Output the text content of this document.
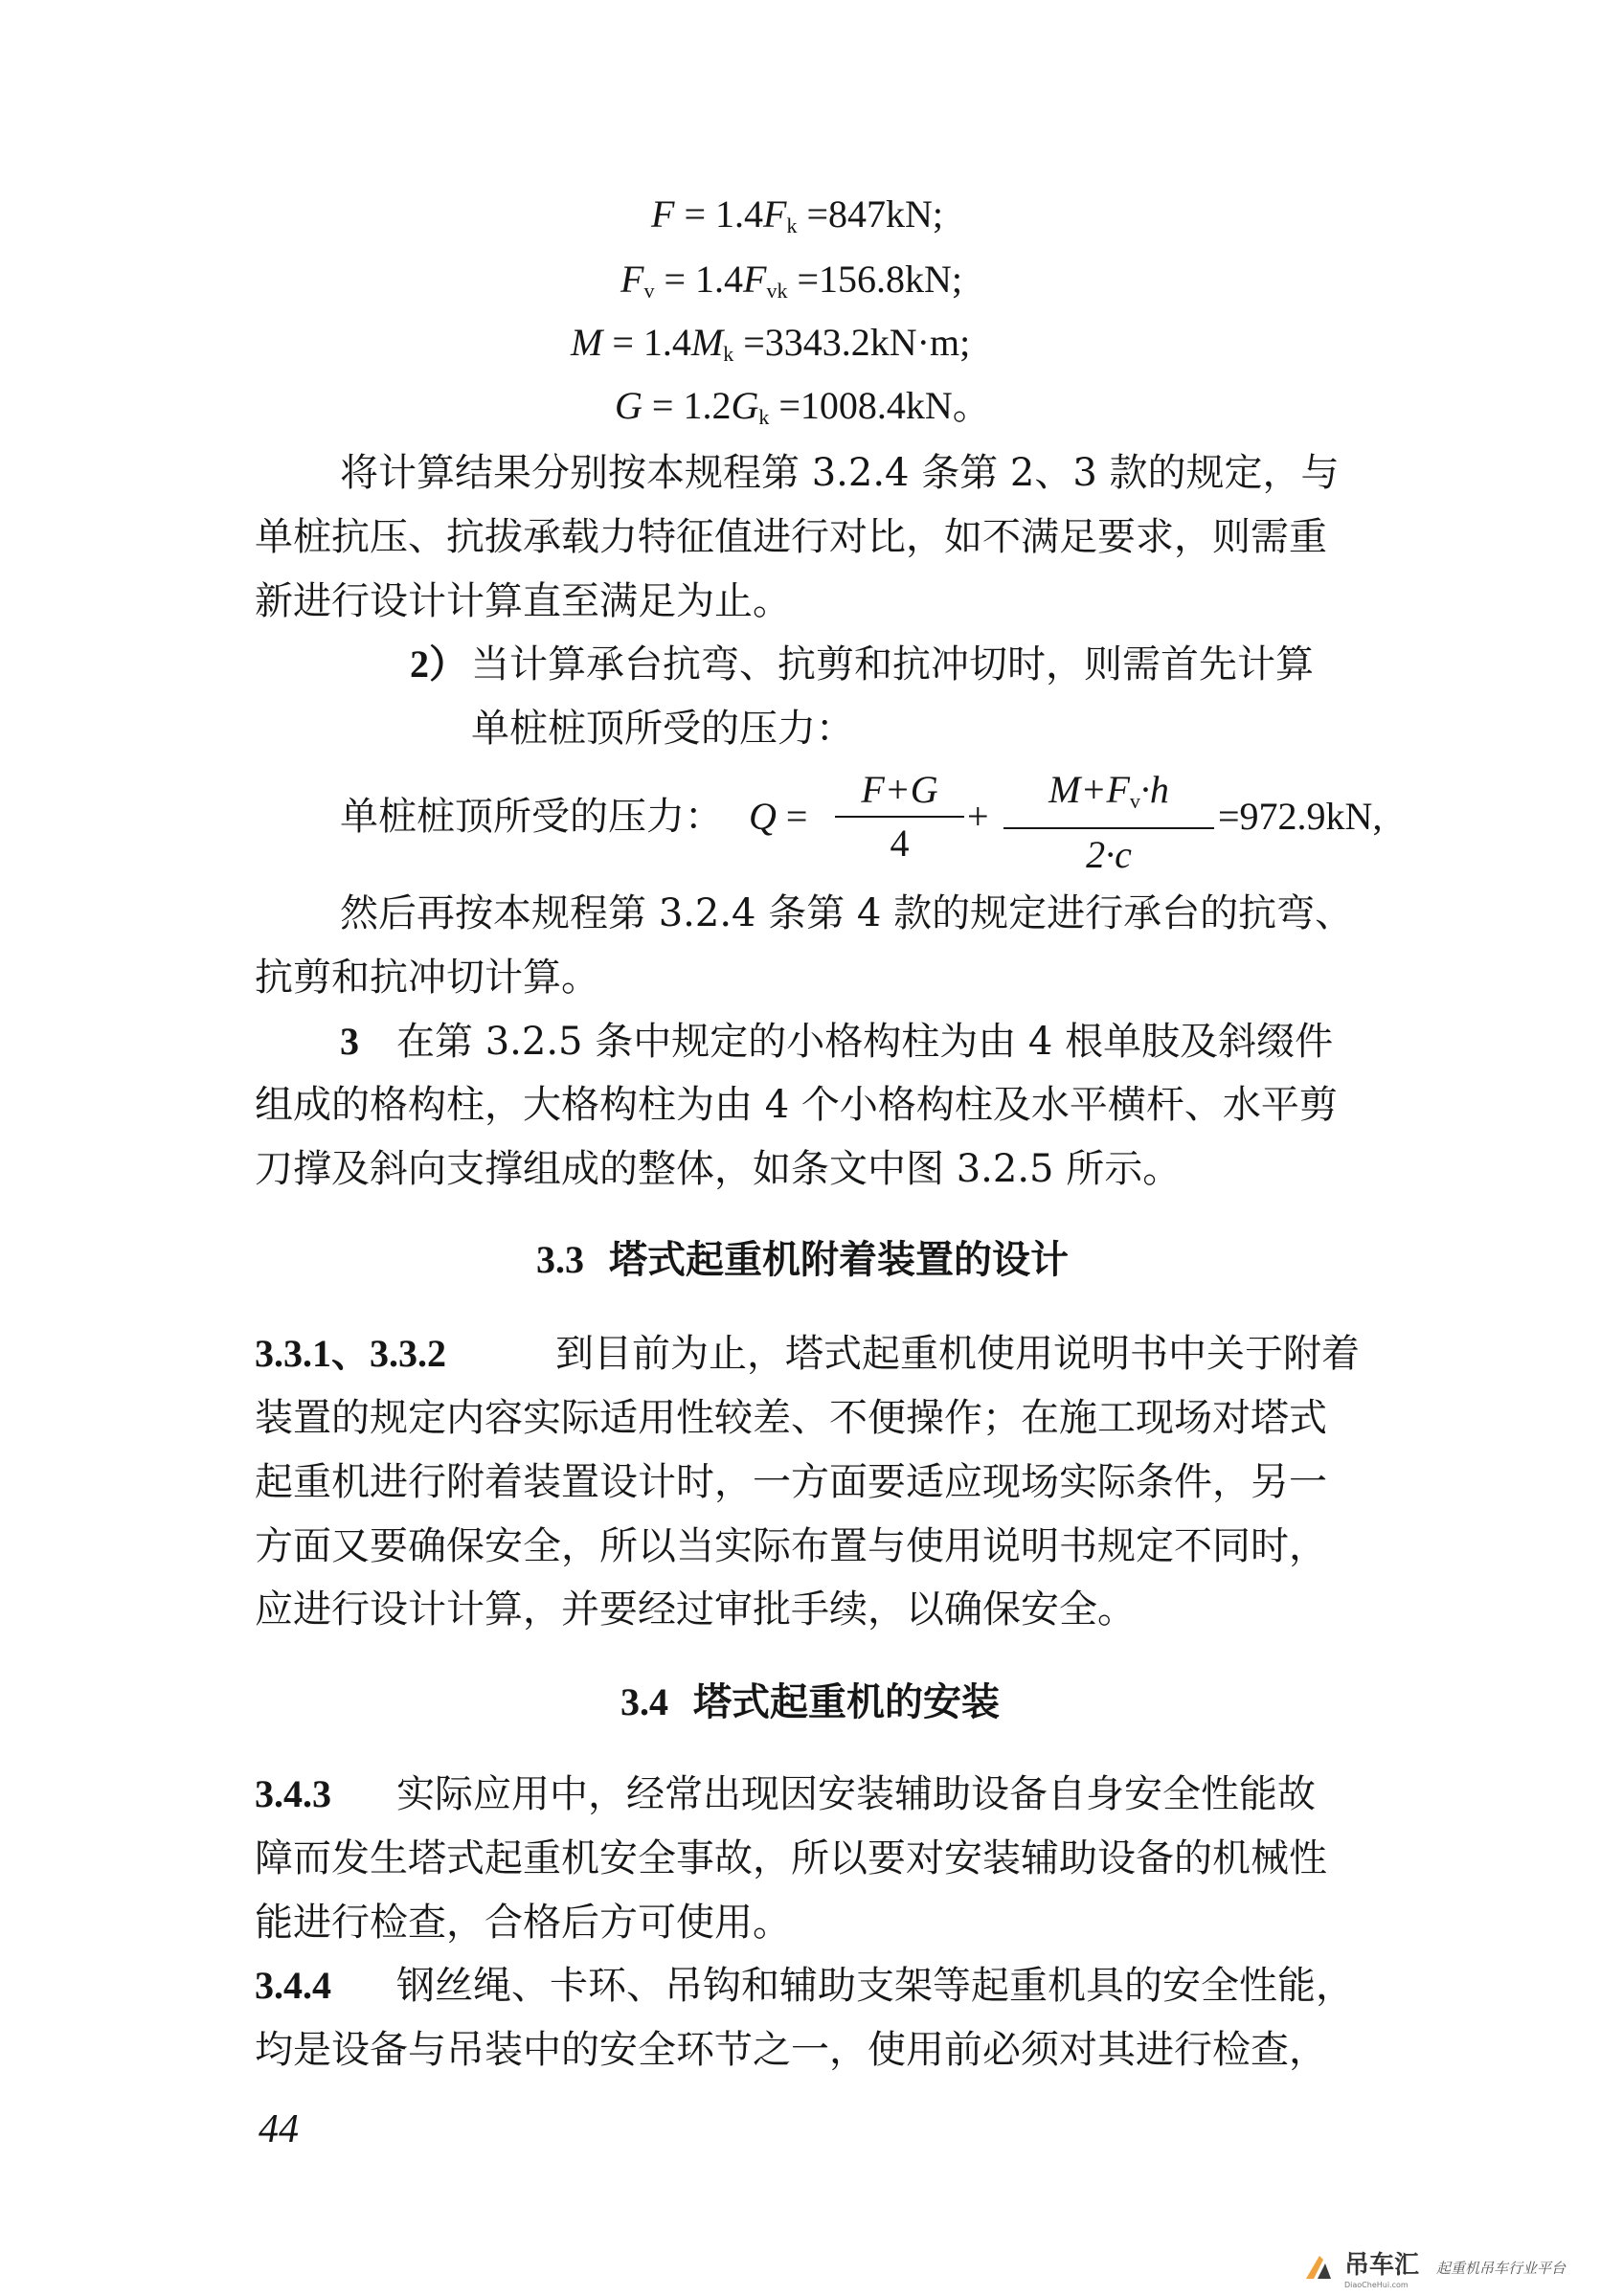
$F = 1.4F_k =847kN$;
$F_v = 1.4F_{vk} =156.8kN$;
$M = 1.4M_k =3343.2kN\cdot m$;
$G = 1.2G_k =1008.4kN$。
将计算结果分别按本规程第 3.2.4 条第 2、3 款的规定，与
单桩抗压、抗拔承载力特征值进行对比，如不满足要求，则需重
新进行设计计算直至满足为止。
2） 当计算承台抗弯、抗剪和抗冲切时，则需首先计算
单桩桩顶所受的压力：
单桩桩顶所受的压力： Q =
F+G
4
+
$M+F_v\cdot h$
2·c
=972.9kN,
然后再按本规程第 3.2.4 条第 4 款的规定进行承台的抗弯、
抗剪和抗冲切计算。
3 在第 3.2.5 条中规定的小格构柱为由 4 根单肢及斜缀件
组成的格构柱，大格构柱为由 4 个小格构柱及水平横杆、水平剪
刀撑及斜向支撑组成的整体，如条文中图 3.2.5 所示。
3.3 塔式起重机附着装置的设计
3.3.1、3.3.2	到目前为止，塔式起重机使用说明书中关于附着
装置的规定内容实际适用性较差、不便操作；在施工现场对塔式
起重机进行附着装置设计时，一方面要适应现场实际条件，另一
方面又要确保安全，所以当实际布置与使用说明书规定不同时，
应进行设计计算，并要经过审批手续，以确保安全。
3.4 塔式起重机的安装
3.4.3 实际应用中，经常出现因安装辅助设备自身安全性能故
障而发生塔式起重机安全事故，所以要对安装辅助设备的机械性
能进行检查，合格后方可使用。
3.4.4 钢丝绳、卡环、吊钩和辅助支架等起重机具的安全性能，
均是设备与吊装中的安全环节之一，使用前必须对其进行检查，
44
吊车汇
DiaoCheHui.com
起重机吊车行业平台
